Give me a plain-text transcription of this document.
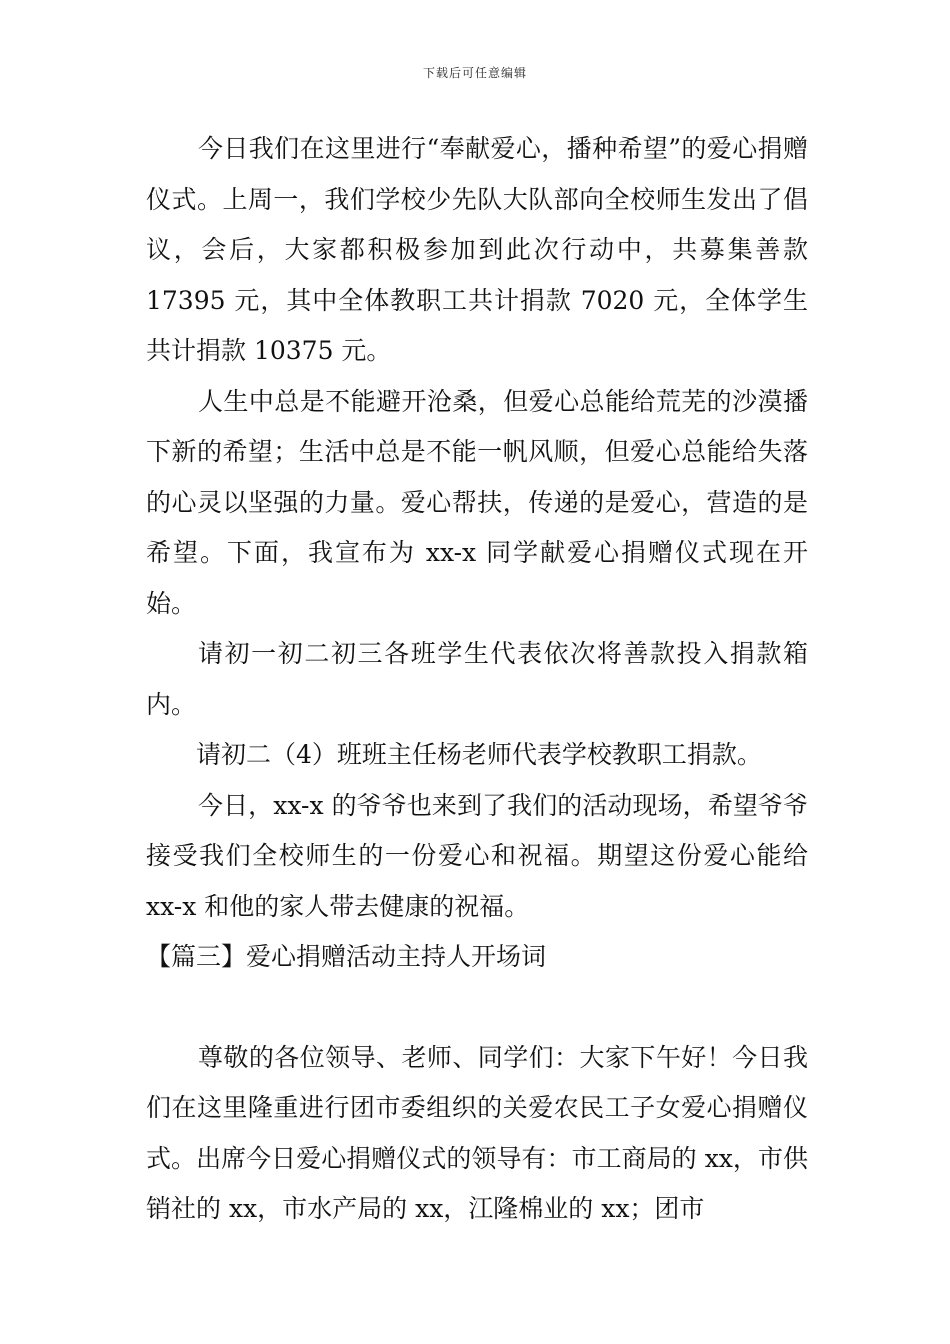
下载后可任意编辑

今日我们在这里进行“奉献爱心，播种希望”的爱心捐赠仪式。上周一，我们学校少先队大队部向全校师生发出了倡议，会后，大家都积极参加到此次行动中，共募集善款 17395 元，其中全体教职工共计捐款 7020 元，全体学生共计捐款 10375 元。

人生中总是不能避开沧桑，但爱心总能给荒芜的沙漠播下新的希望；生活中总是不能一帆风顺，但爱心总能给失落的心灵以坚强的力量。爱心帮扶，传递的是爱心，营造的是希望。下面，我宣布为 xx-x 同学献爱心捐赠仪式现在开始。

请初一初二初三各班学生代表依次将善款投入捐款箱内。

请初二（4）班班主任杨老师代表学校教职工捐款。

今日，xx-x 的爷爷也来到了我们的活动现场，希望爷爷接受我们全校师生的一份爱心和祝福。期望这份爱心能给 xx-x 和他的家人带去健康的祝福。

【篇三】爱心捐赠活动主持人开场词

尊敬的各位领导、老师、同学们：大家下午好！今日我们在这里隆重进行团市委组织的关爱农民工子女爱心捐赠仪式。出席今日爱心捐赠仪式的领导有：市工商局的 xx，市供销社的 xx，市水产局的 xx，江隆棉业的 xx；团市
